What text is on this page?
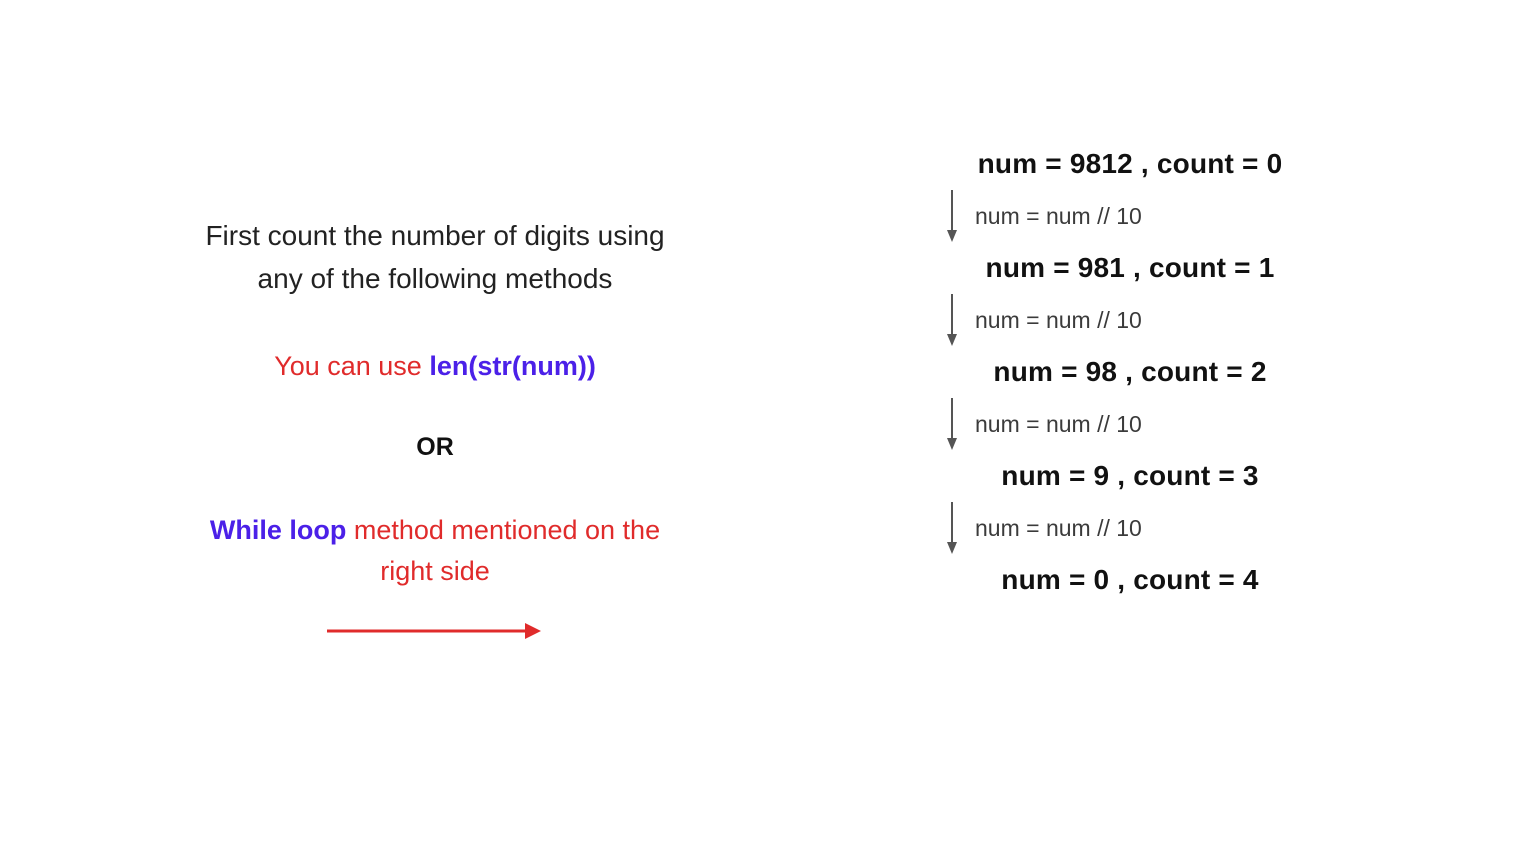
First count the number of digits using any of the following methods

You can use len(str(num))

OR

While loop method mentioned on the right side

num = 9812 , count = 0
num = num // 10
num = 981 , count = 1
num = num // 10
num = 98 , count = 2
num = num // 10
num = 9 , count = 3
num = num // 10
num = 0 , count = 4
